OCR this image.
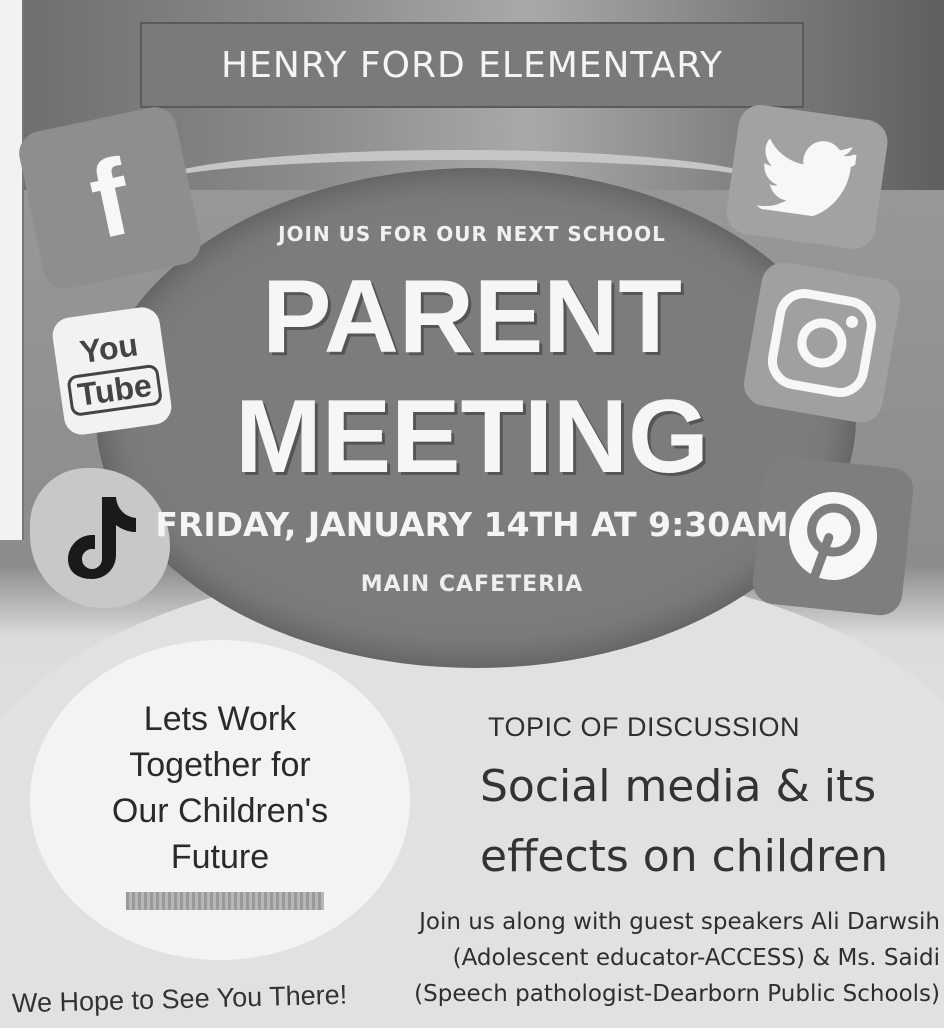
HENRY FORD ELEMENTARY
f
You
Tube
JOIN US FOR OUR NEXT SCHOOL
PARENT
MEETING
FRIDAY, JANUARY 14TH AT 9:30AM
MAIN CAFETERIA
Lets Work
Together for
Our Children's
Future
TOPIC OF DISCUSSION
Social media & its
effects on children
Join us along with guest speakers Ali Darwsih
(Adolescent educator-ACCESS) & Ms. Saidi
(Speech pathologist-Dearborn Public Schools)
We Hope to See You There!
